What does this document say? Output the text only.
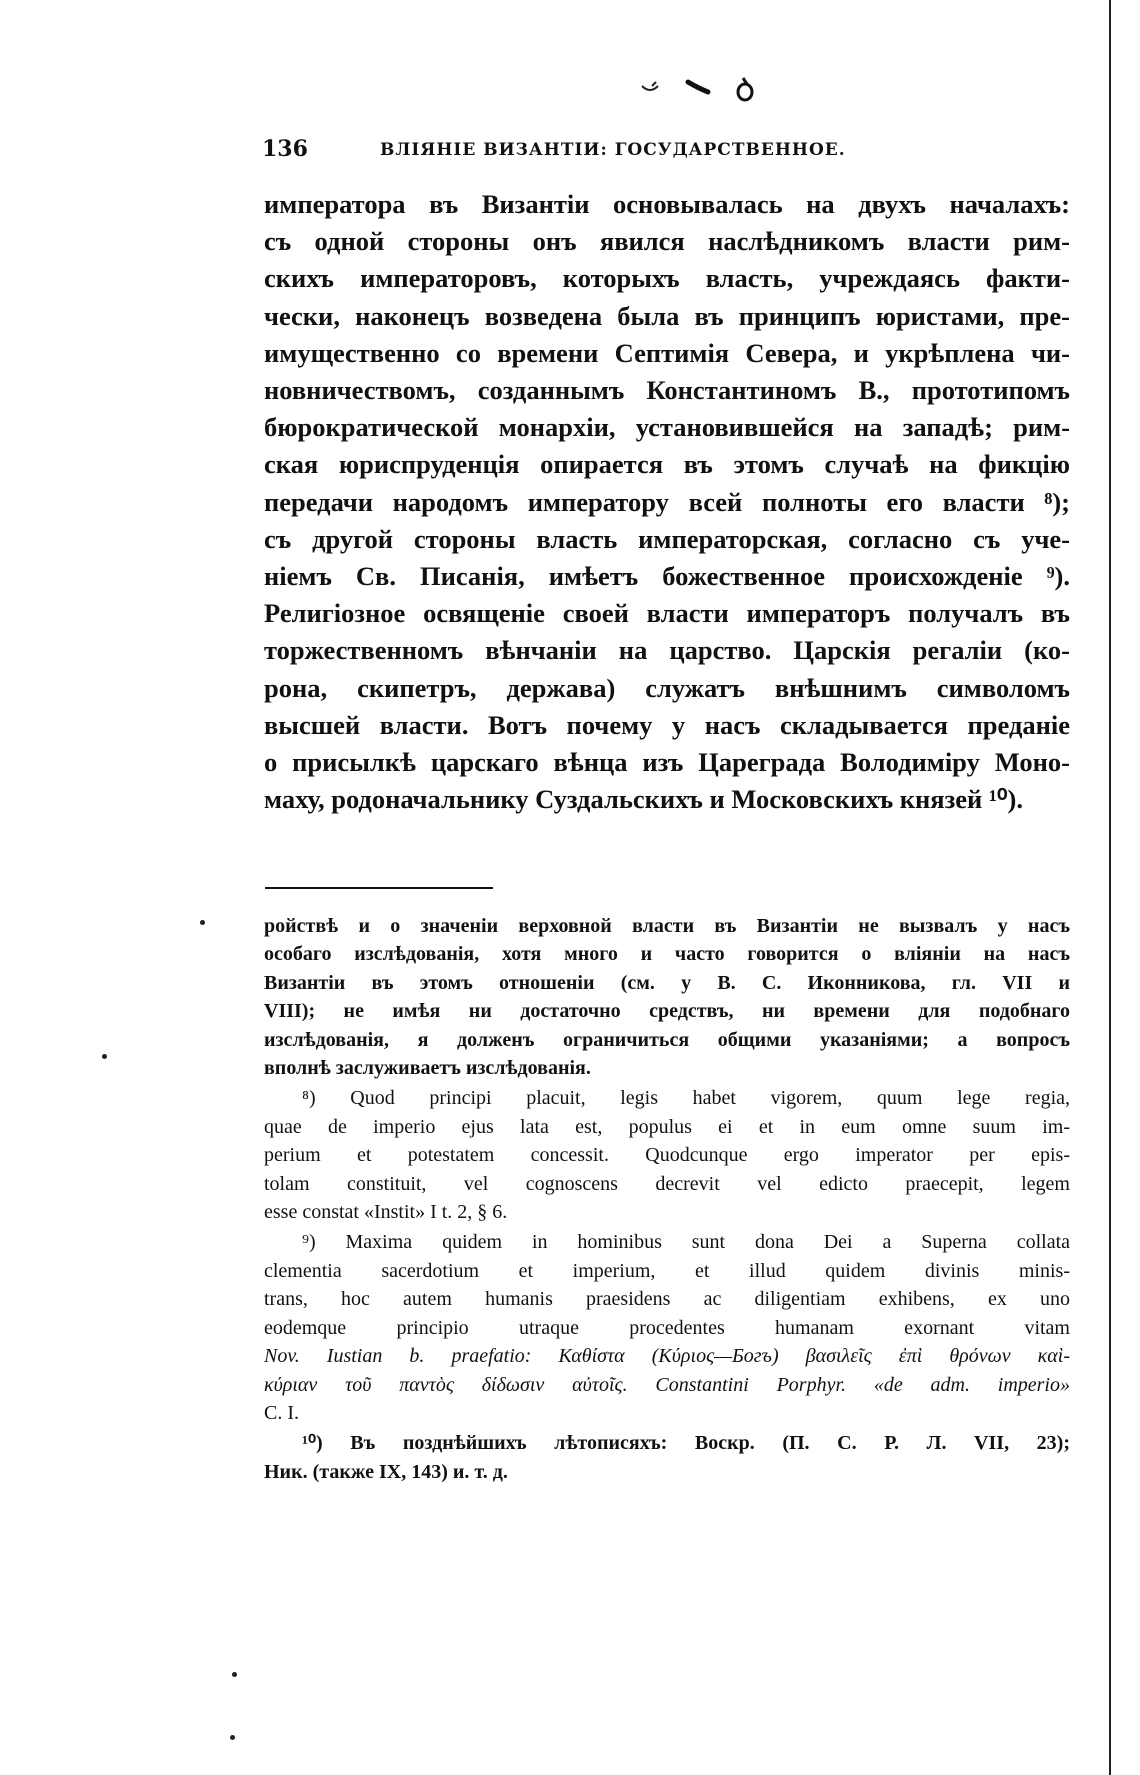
136	ВЛІЯНІЕ ВИЗАНТІИ: ГОСУДАРСТВЕННОЕ.
императора въ Византіи основывалась на двухъ началахъ:
съ одной стороны онъ явился наслѣдникомъ власти рим-
скихъ императоровъ, которыхъ власть, учреждаясь факти-
чески, наконецъ возведена была въ принципъ юристами, пре-
имущественно со времени Септимія Севера, и укрѣплена чи-
новничествомъ, созданнымъ Константиномъ В., прототипомъ
бюрократической монархіи, установившейся на западѣ; рим-
ская юриспруденція опирается въ этомъ случаѣ на фикцію
передачи народомъ императору всей полноты его власти ⁸);
съ другой стороны власть императорская, согласно съ уче-
ніемъ Св. Писанія, имѣетъ божественное происхожденіе ⁹).
Религіозное освященіе своей власти императоръ получалъ въ
торжественномъ вѣнчаніи на царство. Царскія регаліи (ко-
рона, скипетръ, держава) служатъ внѣшнимъ символомъ
высшей власти. Вотъ почему у насъ складывается преданіе
о присылкѣ царскаго вѣнца изъ Цареграда Володиміру Моно-
маху, родоначальнику Суздальскихъ и Московскихъ князей ¹⁰).
ройствѣ и о значеніи верховной власти въ Византіи не вызвалъ у насъ
особаго изслѣдованія, хотя много и часто говорится о вліяніи на насъ
Византіи въ этомъ отношеніи (см. у В. С. Иконникова, гл. VII и
VIII); не имѣя ни достаточно средствъ, ни времени для подобнаго
изслѣдованія, я долженъ ограничиться общими указаніями; а вопросъ
вполнѣ заслуживаетъ изслѣдованія.
⁸) Quod principi placuit, legis habet vigorem, quum lege regia,
quae de imperio ejus lata est, populus ei et in eum omne suum im-
perium et potestatem concessit. Quodcunque ergo imperator per epis-
tolam constituit, vel cognoscens decrevit vel edicto praecepit, legem
esse constat «Instit» I t. 2, § 6.
⁹) Maxima quidem in hominibus sunt dona Dei a Superna collata
clementia sacerdotium et imperium, et illud quidem divinis minis-
trans, hoc autem humanis praesidens ac diligentiam exhibens, ex uno
eodemque principio utraque procedentes humanam exornant vitam
Nov. Iustian b. praefatio: Καθίστα (Κύριος—Богъ) βασιλεῖς ἐπὶ θρόνων καὶ-
κύριαν τοῦ παντὸς δίδωσιν αὐτοῖς. Constantini Porphyr. «de adm. imperio»
C. I.
¹⁰) Въ позднѣйшихъ лѣтописяхъ: Воскр. (П. С. Р. Л. VII, 23);
Ник. (также IX, 143) и. т. д.
